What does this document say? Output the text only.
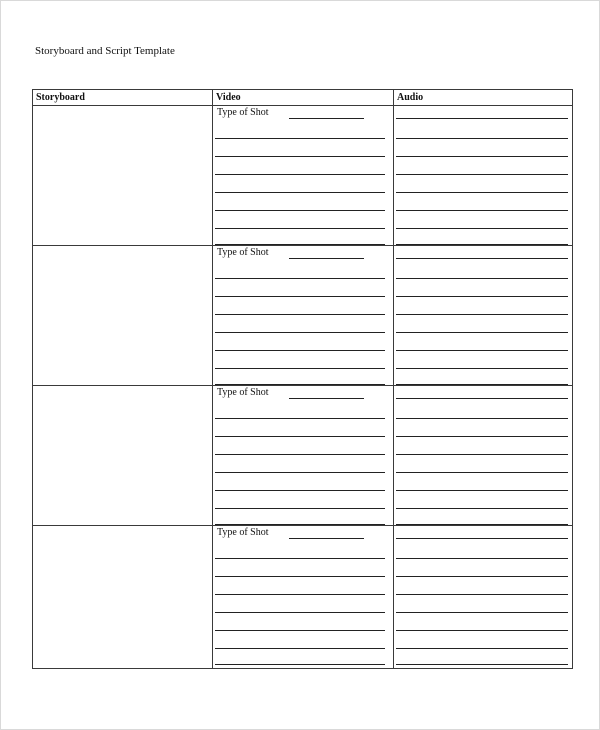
Storyboard and Script Template
Storyboard	Video	Audio
Type of Shot
Type of Shot
Type of Shot
Type of Shot
